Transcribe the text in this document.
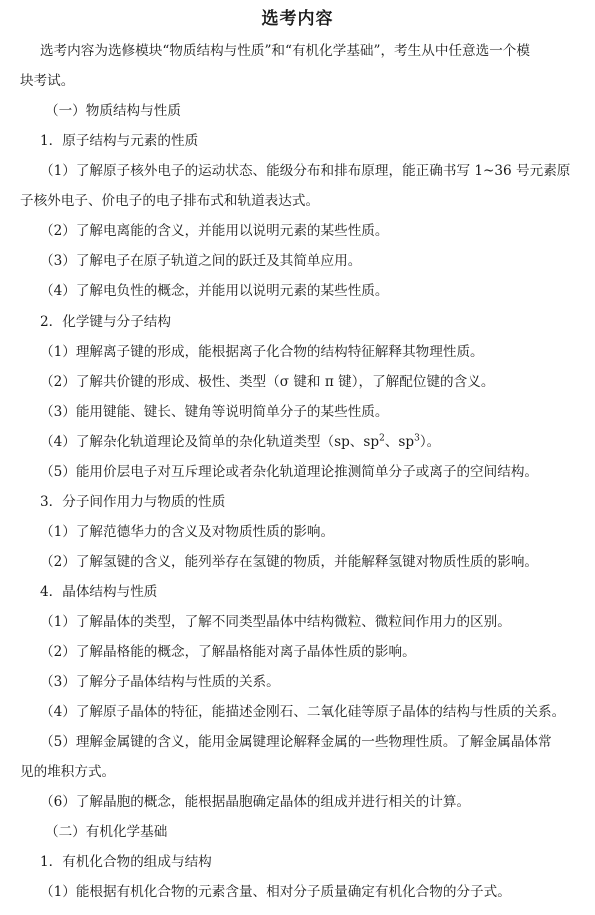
选考内容
选考内容为选修模块“物质结构与性质”和“有机化学基础”，考生从中任意选一个模
块考试。
（一）物质结构与性质
1．原子结构与元素的性质
（1）了解原子核外电子的运动状态、能级分布和排布原理，能正确书写 1~36 号元素原
子核外电子、价电子的电子排布式和轨道表达式。
（2）了解电离能的含义，并能用以说明元素的某些性质。
（3）了解电子在原子轨道之间的跃迁及其简单应用。
（4）了解电负性的概念，并能用以说明元素的某些性质。
2．化学键与分子结构
（1）理解离子键的形成，能根据离子化合物的结构特征解释其物理性质。
（2）了解共价键的形成、极性、类型（σ 键和 π 键），了解配位键的含义。
（3）能用键能、键长、键角等说明简单分子的某些性质。
（4）了解杂化轨道理论及简单的杂化轨道类型（sp、$sp^2$、$sp^3$）。
（5）能用价层电子对互斥理论或者杂化轨道理论推测简单分子或离子的空间结构。
3．分子间作用力与物质的性质
（1）了解范德华力的含义及对物质性质的影响。
（2）了解氢键的含义，能列举存在氢键的物质，并能解释氢键对物质性质的影响。
4．晶体结构与性质
（1）了解晶体的类型，了解不同类型晶体中结构微粒、微粒间作用力的区别。
（2）了解晶格能的概念，了解晶格能对离子晶体性质的影响。
（3）了解分子晶体结构与性质的关系。
（4）了解原子晶体的特征，能描述金刚石、二氧化硅等原子晶体的结构与性质的关系。
（5）理解金属键的含义，能用金属键理论解释金属的一些物理性质。了解金属晶体常
见的堆积方式。
（6）了解晶胞的概念，能根据晶胞确定晶体的组成并进行相关的计算。
（二）有机化学基础
1．有机化合物的组成与结构
（1）能根据有机化合物的元素含量、相对分子质量确定有机化合物的分子式。
